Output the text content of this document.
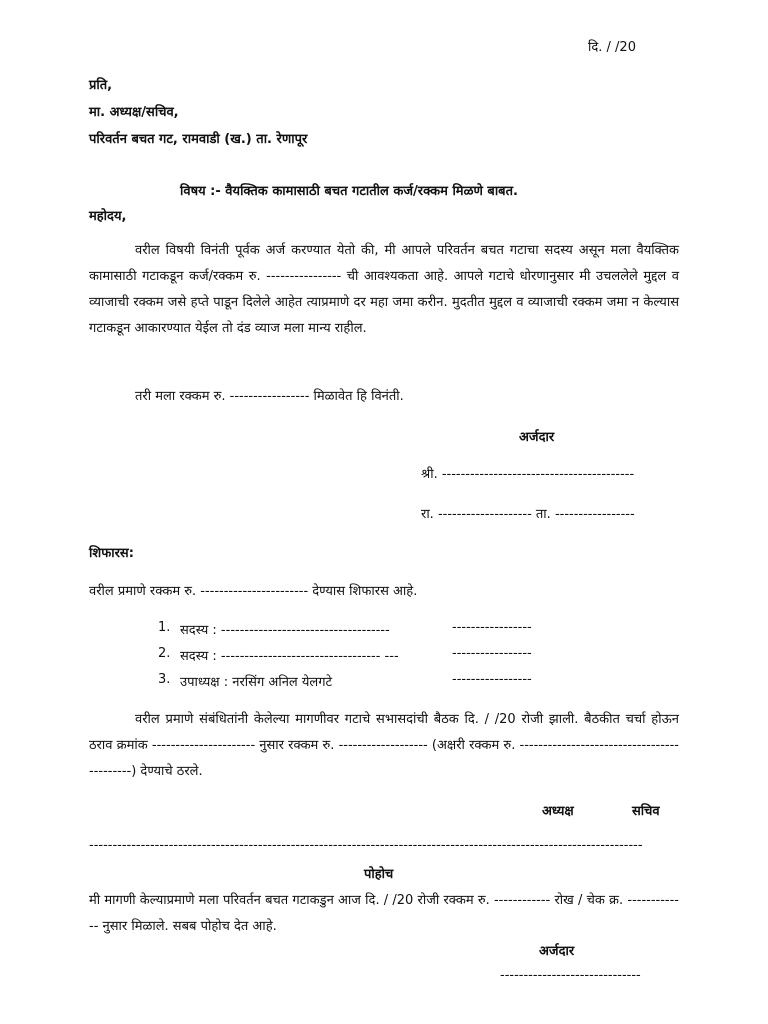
दि. / /20
प्रति,
मा. अध्यक्ष/सचिव,
परिवर्तन बचत गट, रामवाडी (ख.) ता. रेणापूर
विषय :- वैयक्तिक कामासाठी बचत गटातील कर्ज/रक्कम मिळणे बाबत.
महोदय,
वरील विषयी विनंती पूर्वक अर्ज करण्यात येतो की, मी आपले परिवर्तन बचत गटाचा सदस्य असून मला वैयक्तिक कामासाठी गटाकडून कर्ज/रक्कम रु. ---------------- ची आवश्यकता आहे. आपले गटाचे धोरणानुसार मी उचललेले मुद्दल व व्याजाची रक्कम जसे हप्ते पाडून दिलेले आहेत त्याप्रमाणे दर महा जमा करीन. मुदतीत मुद्दल व व्याजाची रक्कम जमा न केल्यास गटाकडून आकारण्यात येईल तो दंड व्याज मला मान्य राहील.
तरी मला रक्कम रु. ----------------- मिळावेत हि विनंती.
अर्जदार
श्री. -----------------------------------------
रा. -------------------- ता. -----------------
शिफारस:
वरील प्रमाणे रक्कम रु. ----------------------- देण्यास शिफारस आहे.
1. सदस्य : ------------------------------------	-----------------
2. सदस्य : ---------------------------------- ---	-----------------
3. उपाध्यक्ष : नरसिंग अनिल येलगटे	-----------------
वरील प्रमाणे संबंधितांनी केलेल्या मागणीवर गटाचे सभासदांची बैठक दि. / /20 रोजी झाली. बैठकीत चर्चा होऊन ठराव क्रमांक ---------------------- नुसार रक्कम रु. ------------------- (अक्षरी रक्कम रु. -------------------------------------------) देण्याचे ठरले.
अध्यक्ष	सचिव
----------------------------------------------------------------------------------------------------------------------
पोहोच
मी मागणी केल्याप्रमाणे मला परिवर्तन बचत गटाकडुन आज दि. / /20 रोजी रक्कम रु. ------------ रोख / चेक क्र. ------------- नुसार मिळाले. सबब पोहोच देत आहे.
अर्जदार
------------------------------
